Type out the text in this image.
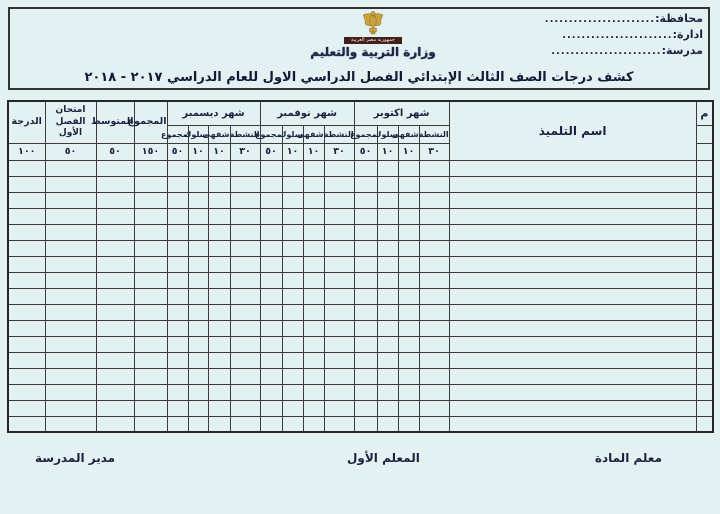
محافظة:
.......................
ادارة:
.......................
مدرسة:
.......................
جمهورية مصر العربية
وزارة التربية والتعليم
كشف درجات الصف الثالث الإبتدائي الفصل الدراسي الاول للعام الدراسي ٢٠١٧ - ٢٠١٨
م	اسم التلميذ	شهر اكتوبر				شهر نوفمبر				شهر ديسمبر				المجموع	المتوسط	امتحان الفصل الأول	الدرجة
		النشطة	شفهى	سلوك	مجموع	النشطة	شفهى	سلوك	مجموع	النشطة	شفهى	سلوك	مجموع				
		٣٠	١٠	١٠	٥٠	٣٠	١٠	١٠	٥٠	٣٠	١٠	١٠	٥٠	١٥٠	٥٠	٥٠	١٠٠

معلم المادة
المعلم الأول
مدير المدرسة
